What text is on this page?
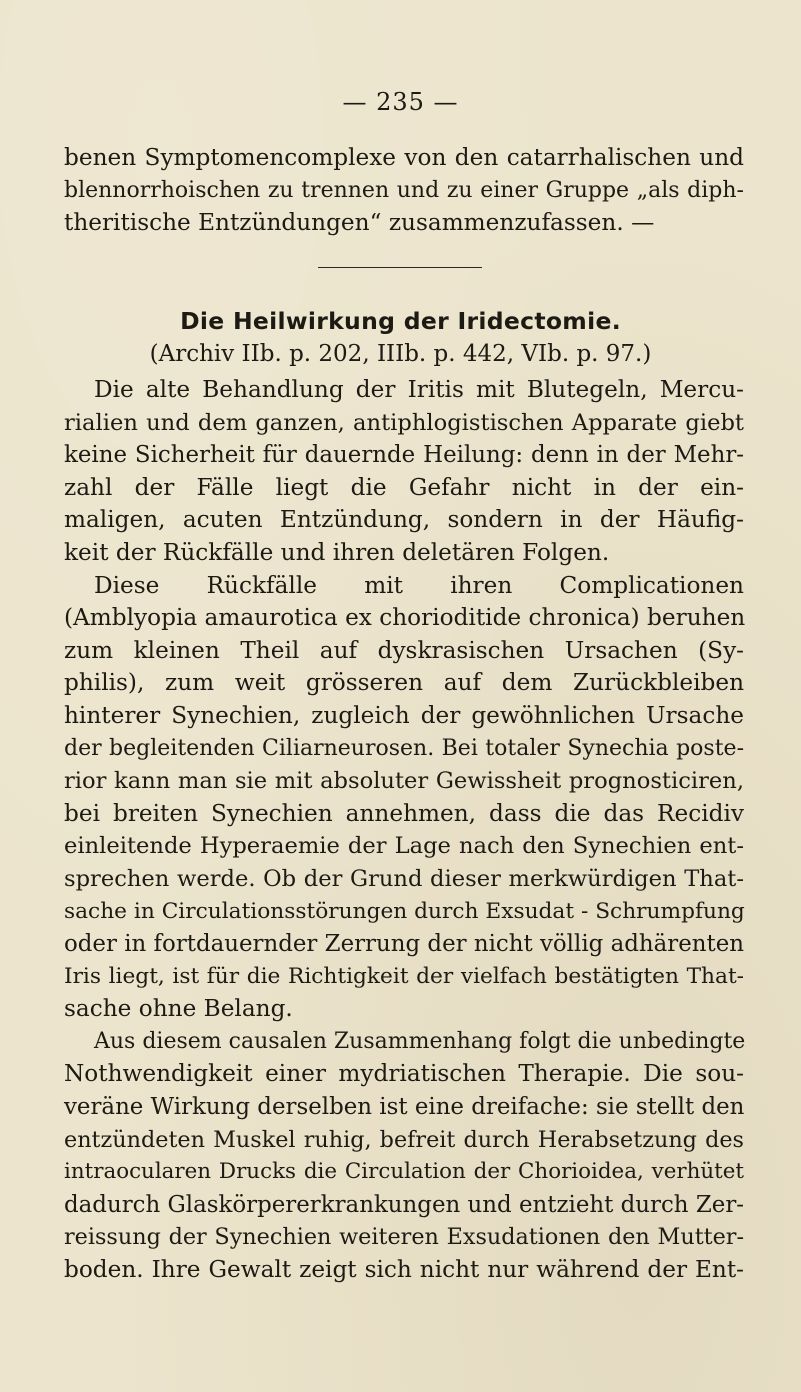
— 235 —
benen Symptomencomplexe von den catarrhalischen und
blennorrhoischen zu trennen und zu einer Gruppe „als diph-
theritische Entzündungen“ zusammenzufassen. —
Die Heilwirkung der Iridectomie.
(Archiv IIb. p. 202, IIIb. p. 442, VIb. p. 97.)
Die alte Behandlung der Iritis mit Blutegeln, Mercu-
rialien und dem ganzen, antiphlogistischen Apparate giebt
keine Sicherheit für dauernde Heilung: denn in der Mehr-
zahl der Fälle liegt die Gefahr nicht in der ein-
maligen, acuten Entzündung, sondern in der Häufig-
keit der Rückfälle und ihren deletären Folgen.
Diese Rückfälle mit ihren Complicationen
(Amblyopia amaurotica ex chorioditide chronica) beruhen
zum kleinen Theil auf dyskrasischen Ursachen (Sy-
philis), zum weit grösseren auf dem Zurückbleiben
hinterer Synechien, zugleich der gewöhnlichen Ursache
der begleitenden Ciliarneurosen. Bei totaler Synechia poste-
rior kann man sie mit absoluter Gewissheit prognosticiren,
bei breiten Synechien annehmen, dass die das Recidiv
einleitende Hyperaemie der Lage nach den Synechien ent-
sprechen werde. Ob der Grund dieser merkwürdigen That-
sache in Circulationsstörungen durch Exsudat - Schrumpfung
oder in fortdauernder Zerrung der nicht völlig adhärenten
Iris liegt, ist für die Richtigkeit der vielfach bestätigten That-
sache ohne Belang.
Aus diesem causalen Zusammenhang folgt die unbedingte
Nothwendigkeit einer mydriatischen Therapie. Die sou-
veräne Wirkung derselben ist eine dreifache: sie stellt den
entzündeten Muskel ruhig, befreit durch Herabsetzung des
intraocularen Drucks die Circulation der Chorioidea, verhütet
dadurch Glaskörpererkrankungen und entzieht durch Zer-
reissung der Synechien weiteren Exsudationen den Mutter-
boden. Ihre Gewalt zeigt sich nicht nur während der Ent-
